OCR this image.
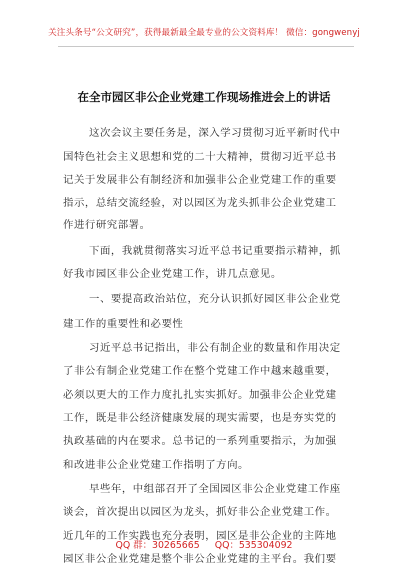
关注头条号“公文研究”，获得最新最全最专业的公文资料库！ 微信：gongwenyj
在全市园区非公企业党建工作现场推进会上的讲话
这次会议主要任务是，深入学习贯彻习近平新时代中
国特色社会主义思想和党的二十大精神，贯彻习近平总书
记关于发展非公有制经济和加强非公企业党建工作的重要
指示，总结交流经验，对以园区为龙头抓非公企业党建工
作进行研究部署。
下面，我就贯彻落实习近平总书记重要指示精神，抓
好我市园区非公企业党建工作，讲几点意见。
一、要提高政治站位，充分认识抓好园区非公企业党
建工作的重要性和必要性
习近平总书记指出，非公有制企业的数量和作用决定
了非公有制企业党建工作在整个党建工作中越来越重要，
必须以更大的工作力度扎扎实实抓好。加强非公企业党建
工作，既是非公经济健康发展的现实需要，也是夯实党的
执政基础的内在要求。总书记的一系列重要指示，为加强
和改进非公企业党建工作指明了方向。
早些年，中组部召开了全国园区非公企业党建工作座
谈会，首次提出以园区为龙头，抓好非公企业党建工作。
近几年的工作实践也充分表明，园区是非公企业的主阵地
园区非公企业党建是整个非公企业党建的主平台。我们要
QQ 群：30265665 QQ：535304092
